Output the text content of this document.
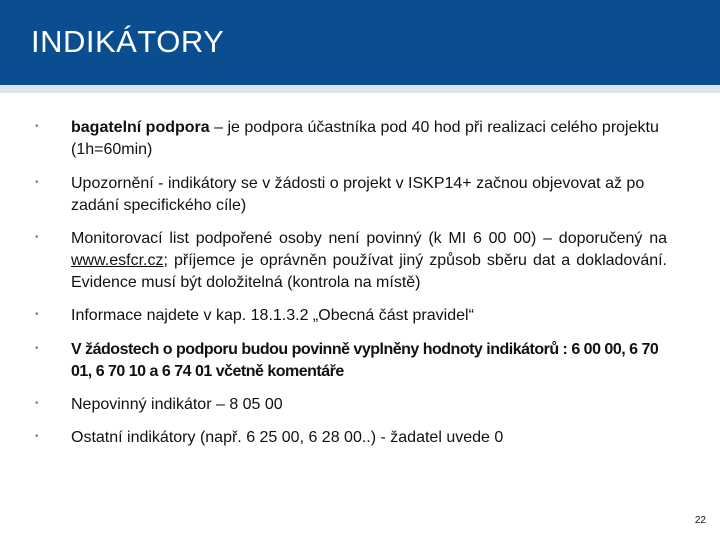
INDIKÁTORY
• bagatelní podpora – je podpora účastníka pod 40 hod při realizaci celého projektu (1h=60min)
• Upozornění - indikátory se v žádosti o projekt v ISKP14+ začnou objevovat až po zadání specifického cíle)
• Monitorovací list podpořené osoby není povinný (k MI 6 00 00) – doporučený na www.esfcr.cz; příjemce je oprávněn používat jiný způsob sběru dat a dokladování. Evidence musí být doložitelná (kontrola na místě)
• Informace najdete v kap. 18.1.3.2 „Obecná část pravidel“
• V žádostech o podporu budou povinně vyplněny hodnoty indikátorů : 6 00 00, 6 70 01, 6 70 10 a 6 74 01 včetně komentáře
• Nepovinný indikátor – 8 05 00
• Ostatní indikátory (např. 6 25 00, 6 28 00..) - žadatel uvede 0
22
